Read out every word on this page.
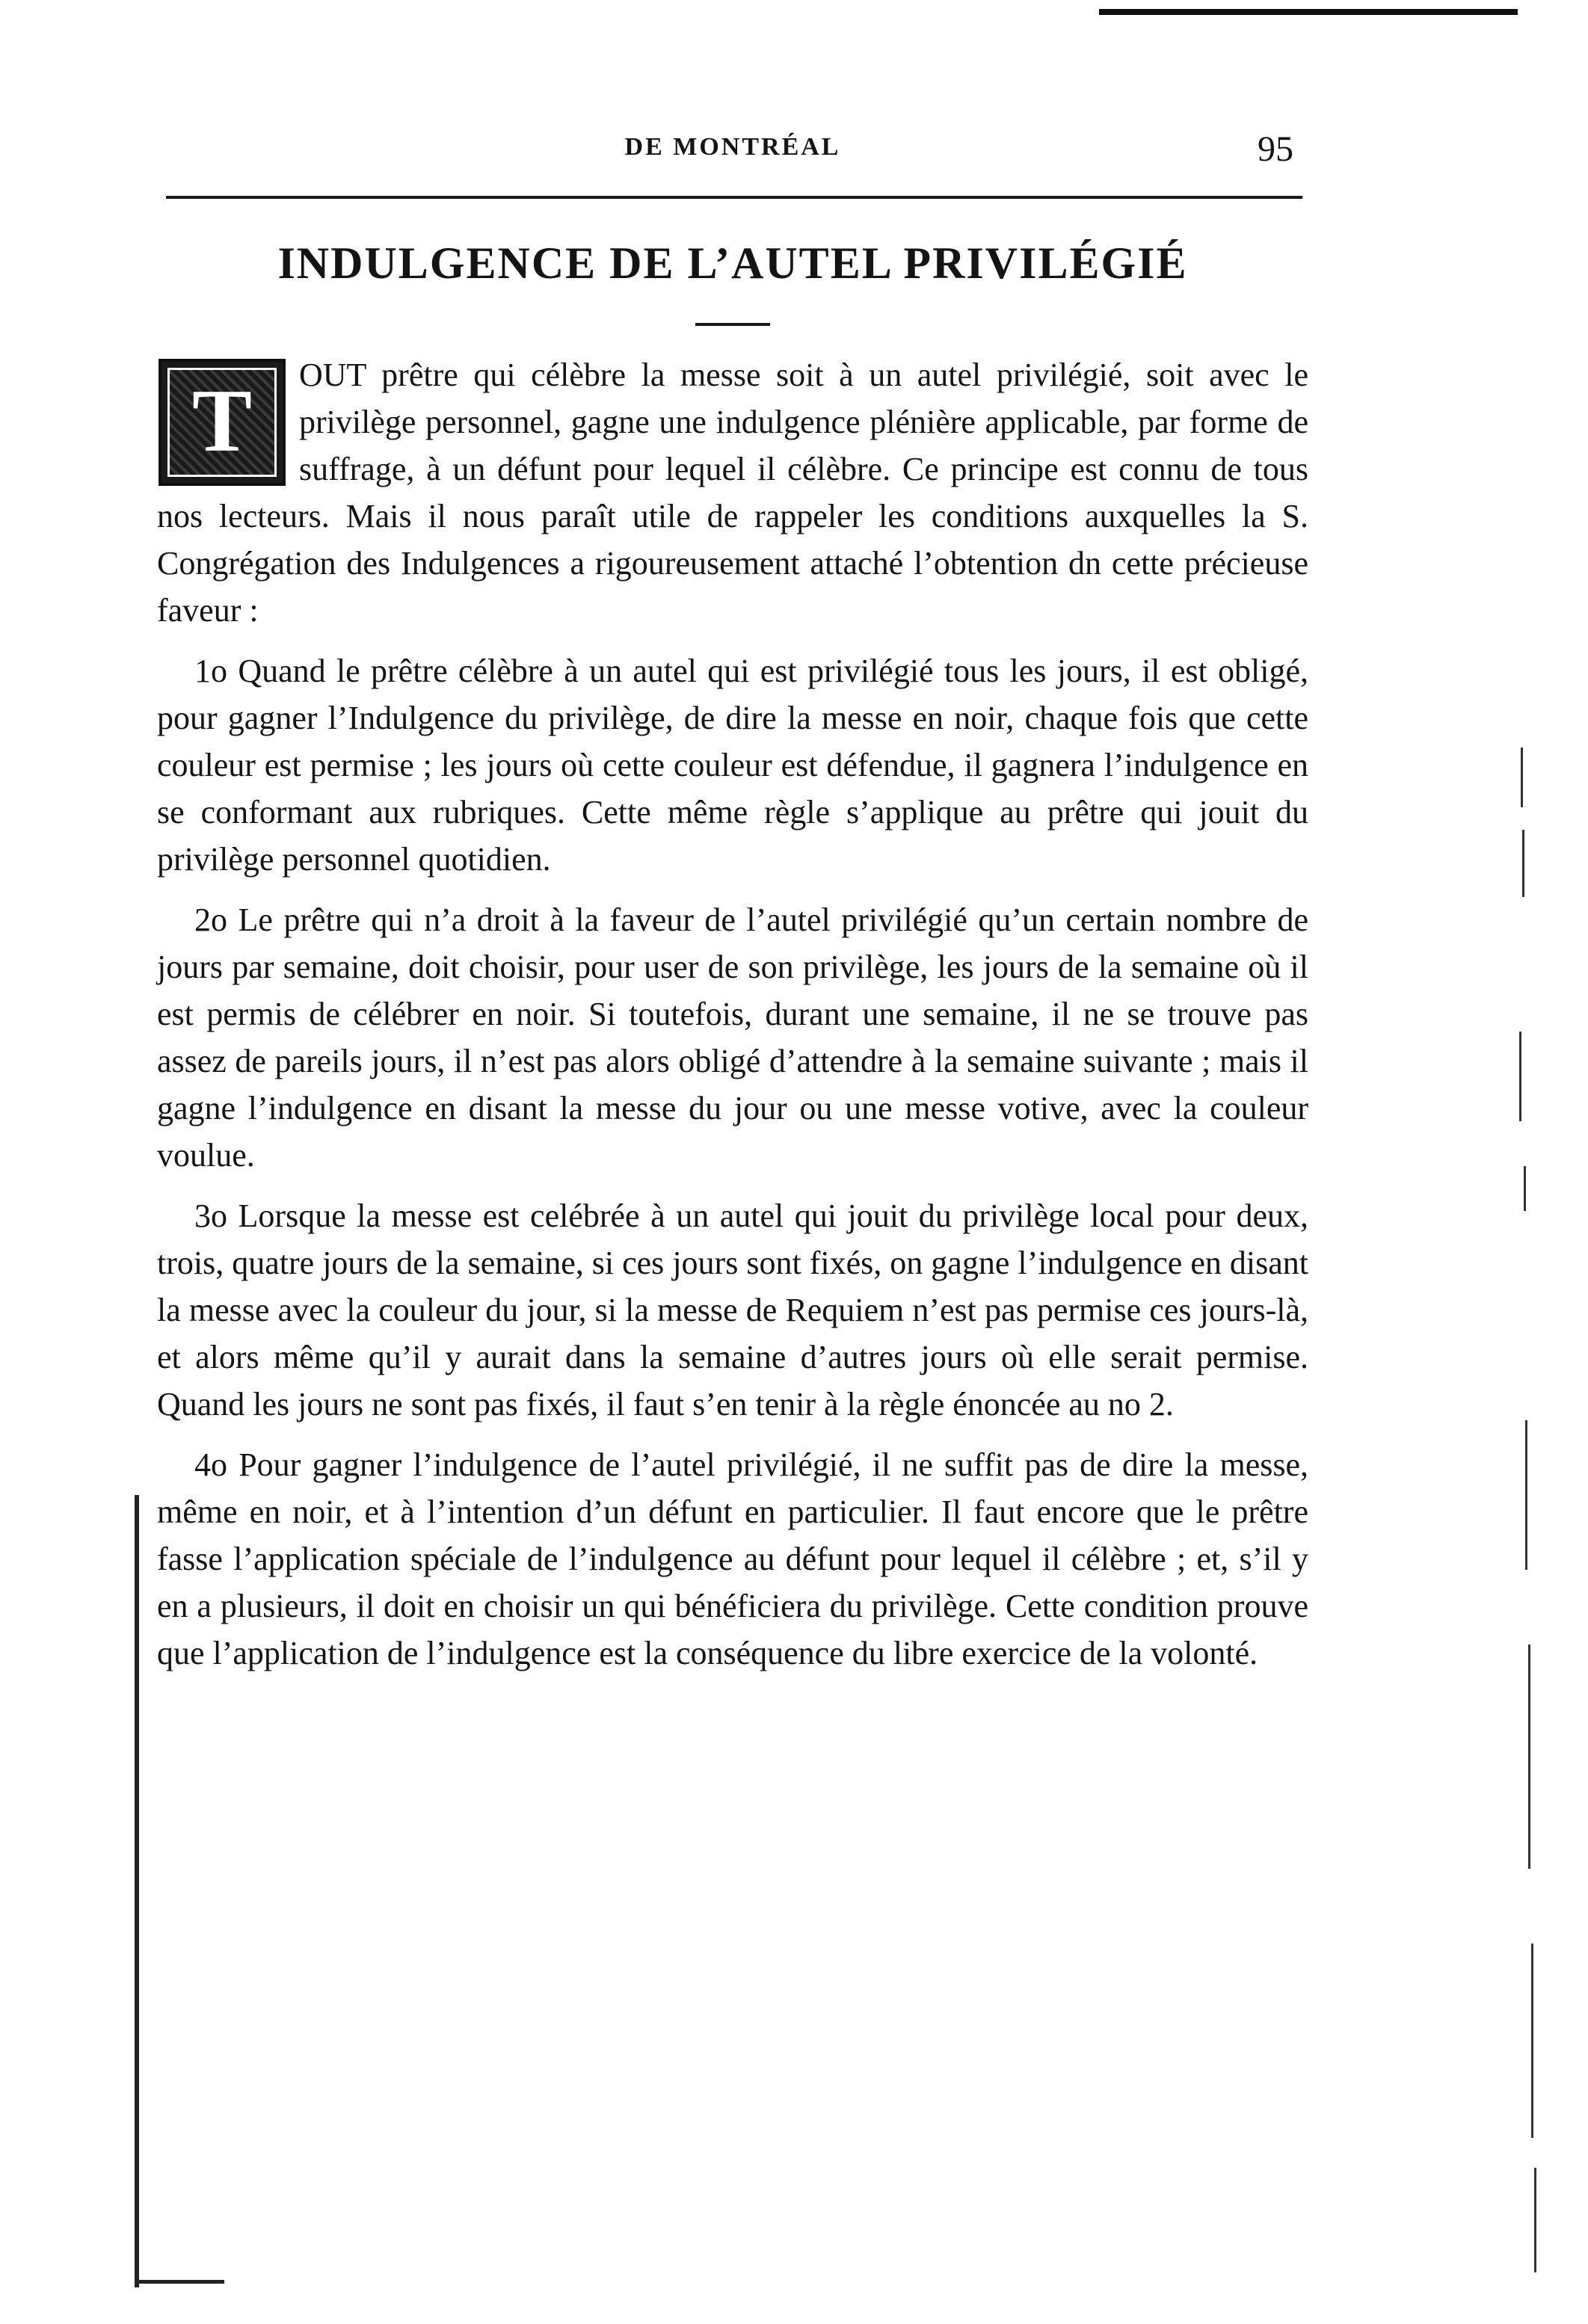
DE MONTRÉAL	95
INDULGENCE DE L’AUTEL PRIVILÉGIÉ

T	OUT prêtre qui célèbre la messe soit à un autel privilégié, soit avec le privilège personnel, gagne une indulgence plénière applicable, par forme de suffrage, à un défunt pour lequel il célèbre. Ce principe est connu de tous nos lecteurs. Mais il nous paraît utile de rappeler les conditions auxquelles la S. Congrégation des Indulgences a rigoureusement attaché l’obtention dn cette précieuse faveur :

1o Quand le prêtre célèbre à un autel qui est privilégié tous les jours, il est obligé, pour gagner l’Indulgence du privilège, de dire la messe en noir, chaque fois que cette couleur est permise ; les jours où cette couleur est défendue, il gagnera l’indulgence en se conformant aux rubriques. Cette même règle s’applique au prêtre qui jouit du privilège personnel quotidien.

2o Le prêtre qui n’a droit à la faveur de l’autel privilégié qu’un certain nombre de jours par semaine, doit choisir, pour user de son privilège, les jours de la semaine où il est permis de célébrer en noir. Si toutefois, durant une semaine, il ne se trouve pas assez de pareils jours, il n’est pas alors obligé d’attendre à la semaine suivante ; mais il gagne l’indulgence en disant la messe du jour ou une messe votive, avec la couleur voulue.

3o Lorsque la messe est celébrée à un autel qui jouit du privilège local pour deux, trois, quatre jours de la semaine, si ces jours sont fixés, on gagne l’indulgence en disant la messe avec la couleur du jour, si la messe de Requiem n’est pas permise ces jours-là, et alors même qu’il y aurait dans la semaine d’autres jours où elle serait permise. Quand les jours ne sont pas fixés, il faut s’en tenir à la règle énoncée au no 2.

4o Pour gagner l’indulgence de l’autel privilégié, il ne suffit pas de dire la messe, même en noir, et à l’intention d’un défunt en particulier. Il faut encore que le prêtre fasse l’application spéciale de l’indulgence au défunt pour lequel il célèbre ; et, s’il y en a plusieurs, il doit en choisir un qui bénéficiera du privilège. Cette condition prouve que l’application de l’indulgence est la conséquence du libre exercice de la volonté.
